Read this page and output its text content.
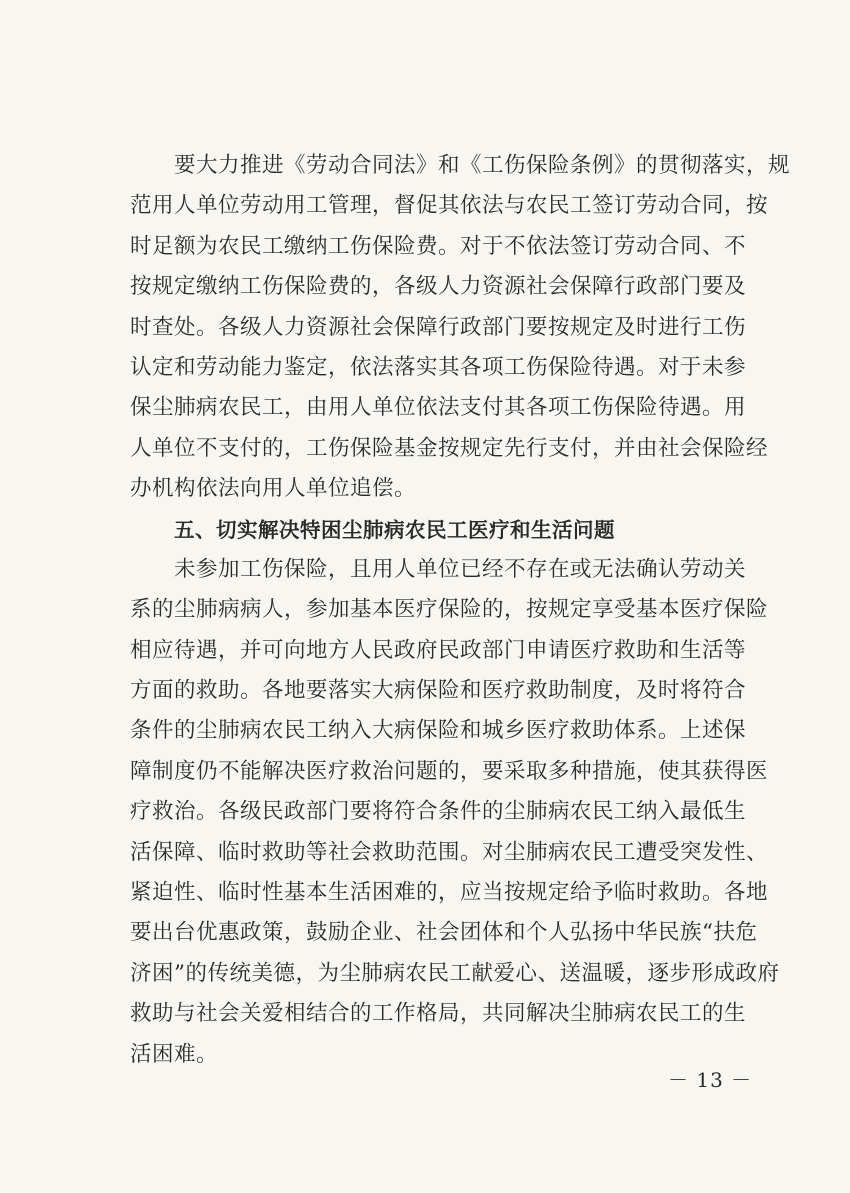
要大力推进《劳动合同法》和《工伤保险条例》的贯彻落实，规
范用人单位劳动用工管理，督促其依法与农民工签订劳动合同，按
时足额为农民工缴纳工伤保险费。对于不依法签订劳动合同、不
按规定缴纳工伤保险费的，各级人力资源社会保障行政部门要及
时查处。各级人力资源社会保障行政部门要按规定及时进行工伤
认定和劳动能力鉴定，依法落实其各项工伤保险待遇。对于未参
保尘肺病农民工，由用人单位依法支付其各项工伤保险待遇。用
人单位不支付的，工伤保险基金按规定先行支付，并由社会保险经
办机构依法向用人单位追偿。
五、切实解决特困尘肺病农民工医疗和生活问题
未参加工伤保险，且用人单位已经不存在或无法确认劳动关
系的尘肺病病人，参加基本医疗保险的，按规定享受基本医疗保险
相应待遇，并可向地方人民政府民政部门申请医疗救助和生活等
方面的救助。各地要落实大病保险和医疗救助制度，及时将符合
条件的尘肺病农民工纳入大病保险和城乡医疗救助体系。上述保
障制度仍不能解决医疗救治问题的，要采取多种措施，使其获得医
疗救治。各级民政部门要将符合条件的尘肺病农民工纳入最低生
活保障、临时救助等社会救助范围。对尘肺病农民工遭受突发性、
紧迫性、临时性基本生活困难的，应当按规定给予临时救助。各地
要出台优惠政策，鼓励企业、社会团体和个人弘扬中华民族“扶危
济困”的传统美德，为尘肺病农民工献爱心、送温暖，逐步形成政府
救助与社会关爱相结合的工作格局，共同解决尘肺病农民工的生
活困难。
－ 13 －
